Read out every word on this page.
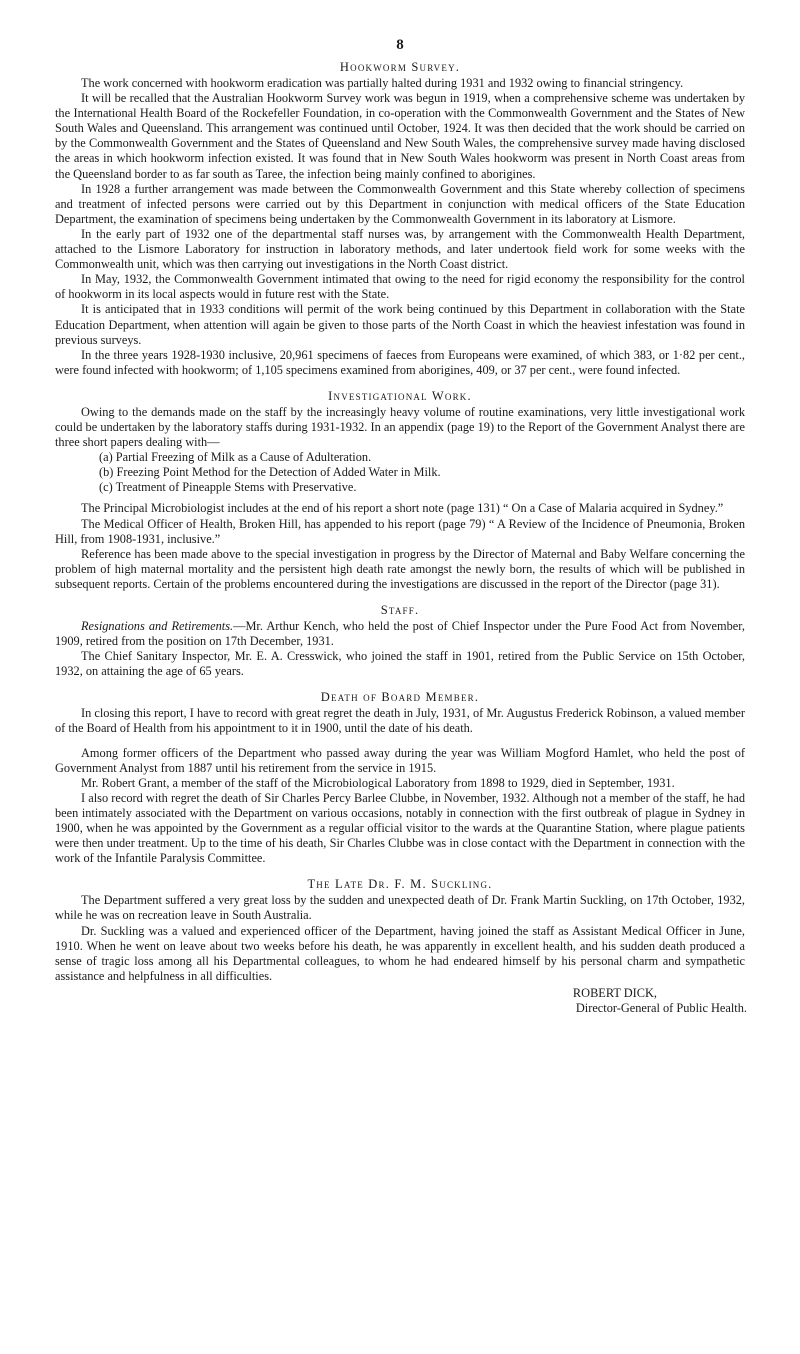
8
Hookworm Survey.

The work concerned with hookworm eradication was partially halted during 1931 and 1932 owing to financial stringency.

It will be recalled that the Australian Hookworm Survey work was begun in 1919, when a comprehensive scheme was undertaken by the International Health Board of the Rockefeller Foundation, in co-operation with the Commonwealth Government and the States of New South Wales and Queensland. This arrangement was continued until October, 1924. It was then decided that the work should be carried on by the Commonwealth Government and the States of Queensland and New South Wales, the comprehensive survey made having disclosed the areas in which hookworm infection existed. It was found that in New South Wales hookworm was present in North Coast areas from the Queensland border to as far south as Taree, the infection being mainly confined to aborigines.

In 1928 a further arrangement was made between the Commonwealth Government and this State whereby collection of specimens and treatment of infected persons were carried out by this Department in conjunction with medical officers of the State Education Department, the examination of specimens being undertaken by the Commonwealth Government in its laboratory at Lismore.

In the early part of 1932 one of the departmental staff nurses was, by arrangement with the Commonwealth Health Department, attached to the Lismore Laboratory for instruction in laboratory methods, and later undertook field work for some weeks with the Commonwealth unit, which was then carrying out investigations in the North Coast district.

In May, 1932, the Commonwealth Government intimated that owing to the need for rigid economy the responsibility for the control of hookworm in its local aspects would in future rest with the State.

It is anticipated that in 1933 conditions will permit of the work being continued by this Department in collaboration with the State Education Department, when attention will again be given to those parts of the North Coast in which the heaviest infestation was found in previous surveys.

In the three years 1928-1930 inclusive, 20,961 specimens of faeces from Europeans were examined, of which 383, or 1·82 per cent., were found infected with hookworm; of 1,105 specimens examined from aborigines, 409, or 37 per cent., were found infected.

Investigational Work.

Owing to the demands made on the staff by the increasingly heavy volume of routine examinations, very little investigational work could be undertaken by the laboratory staffs during 1931-1932. In an appendix (page 19) to the Report of the Government Analyst there are three short papers dealing with—

(a) Partial Freezing of Milk as a Cause of Adulteration.
(b) Freezing Point Method for the Detection of Added Water in Milk.
(c) Treatment of Pineapple Stems with Preservative.

The Principal Microbiologist includes at the end of his report a short note (page 131) “ On a Case of Malaria acquired in Sydney.”

The Medical Officer of Health, Broken Hill, has appended to his report (page 79) “ A Review of the Incidence of Pneumonia, Broken Hill, from 1908-1931, inclusive.”

Reference has been made above to the special investigation in progress by the Director of Maternal and Baby Welfare concerning the problem of high maternal mortality and the persistent high death rate amongst the newly born, the results of which will be published in subsequent reports. Certain of the problems encountered during the investigations are discussed in the report of the Director (page 31).

Staff.

Resignations and Retirements.—Mr. Arthur Kench, who held the post of Chief Inspector under the Pure Food Act from November, 1909, retired from the position on 17th December, 1931.

The Chief Sanitary Inspector, Mr. E. A. Cresswick, who joined the staff in 1901, retired from the Public Service on 15th October, 1932, on attaining the age of 65 years.

Death of Board Member.

In closing this report, I have to record with great regret the death in July, 1931, of Mr. Augustus Frederick Robinson, a valued member of the Board of Health from his appointment to it in 1900, until the date of his death.

Among former officers of the Department who passed away during the year was William Mogford Hamlet, who held the post of Government Analyst from 1887 until his retirement from the service in 1915.

Mr. Robert Grant, a member of the staff of the Microbiological Laboratory from 1898 to 1929, died in September, 1931.

I also record with regret the death of Sir Charles Percy Barlee Clubbe, in November, 1932. Although not a member of the staff, he had been intimately associated with the Department on various occasions, notably in connection with the first outbreak of plague in Sydney in 1900, when he was appointed by the Government as a regular official visitor to the wards at the Quarantine Station, where plague patients were then under treatment. Up to the time of his death, Sir Charles Clubbe was in close contact with the Department in connection with the work of the Infantile Paralysis Committee.

The Late Dr. F. M. Suckling.

The Department suffered a very great loss by the sudden and unexpected death of Dr. Frank Martin Suckling, on 17th October, 1932, while he was on recreation leave in South Australia.

Dr. Suckling was a valued and experienced officer of the Department, having joined the staff as Assistant Medical Officer in June, 1910. When he went on leave about two weeks before his death, he was apparently in excellent health, and his sudden death produced a sense of tragic loss among all his Departmental colleagues, to whom he had endeared himself by his personal charm and sympathetic assistance and helpfulness in all difficulties.

ROBERT DICK,
Director-General of Public Health.
